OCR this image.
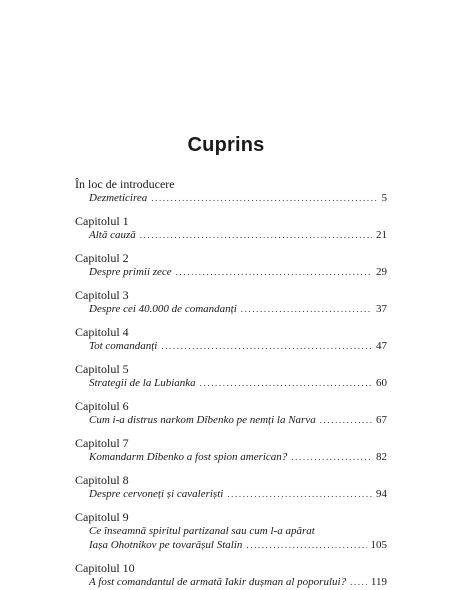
Cuprins
În loc de introducere
Dezmeticirea .....	5
Capitolul 1
Altă cauză .....	21
Capitolul 2
Despre primii zece .....	29
Capitolul 3
Despre cei 40.000 de comandanți .....	37
Capitolul 4
Tot comandanți .....	47
Capitolul 5
Strategii de la Lubianka .....	60
Capitolul 6
Cum i-a distrus narkom Dîbenko pe nemți la Narva .....	67
Capitolul 7
Komandarm Dîbenko a fost spion american? .....	82
Capitolul 8
Despre cervoneți și cavaleriști .....	94
Capitolul 9
Ce înseamnă spiritul partizanal sau cum l-a apărat
Iașa Ohotnikov pe tovarășul Stalin .....	105
Capitolul 10
A fost comandantul de armată Iakir dușman al poporului? ..... 119
